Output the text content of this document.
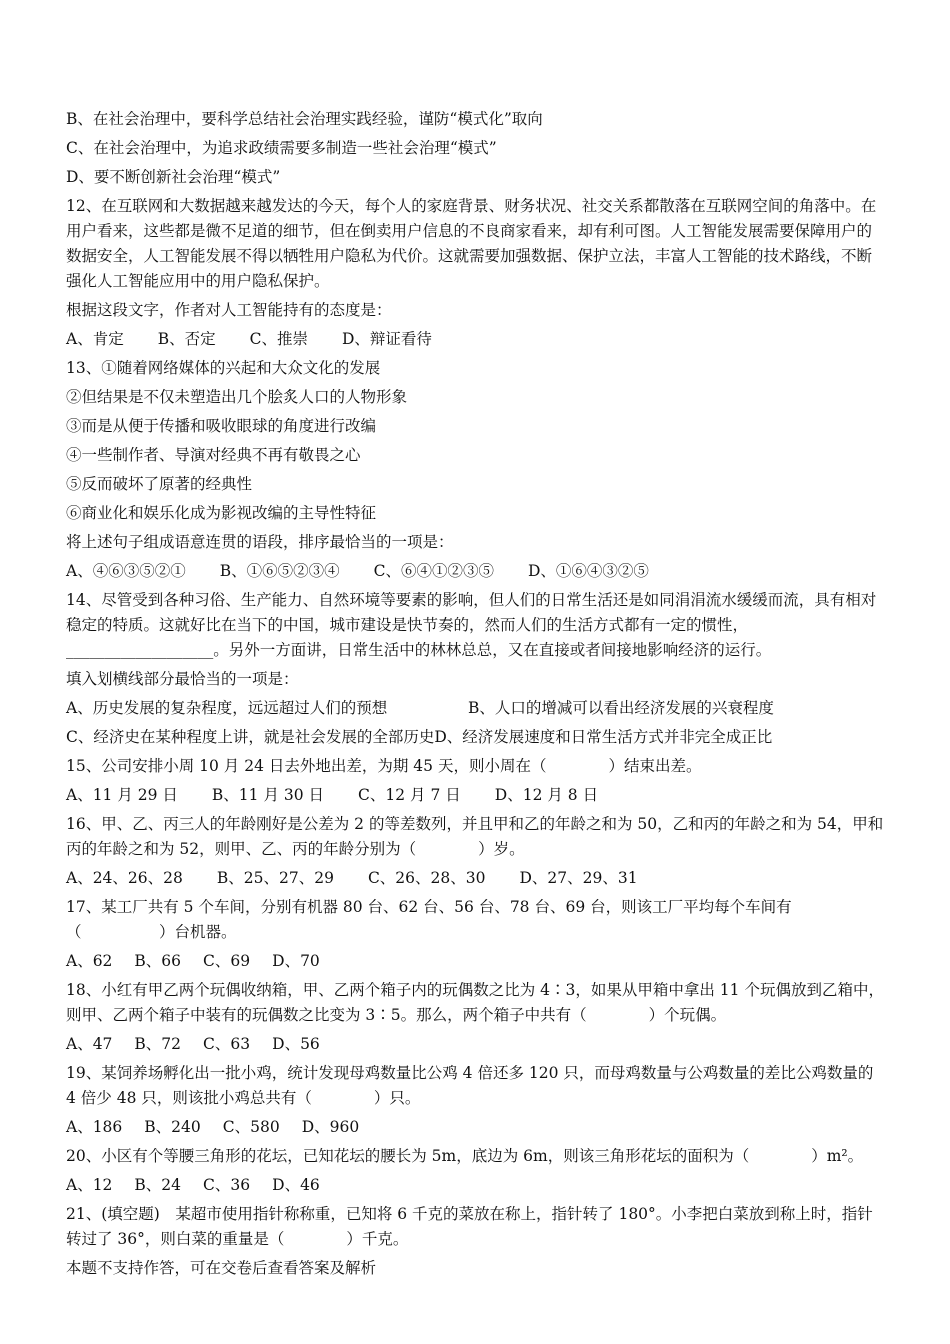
B、在社会治理中，要科学总结社会治理实践经验，谨防“模式化”取向
C、在社会治理中，为追求政绩需要多制造一些社会治理“模式”
D、要不断创新社会治理“模式”
12、在互联网和大数据越来越发达的今天，每个人的家庭背景、财务状况、社交关系都散落在互联网空间的角落中。在用户看来，这些都是微不足道的细节，但在倒卖用户信息的不良商家看来，却有利可图。人工智能发展需要保障用户的数据安全，人工智能发展不得以牺牲用户隐私为代价。这就需要加强数据、保护立法，丰富人工智能的技术路线，不断强化人工智能应用中的用户隐私保护。
根据这段文字，作者对人工智能持有的态度是：
A、肯定 B、否定 C、推崇 D、辩证看待
13、①随着网络媒体的兴起和大众文化的发展
②但结果是不仅未塑造出几个脍炙人口的人物形象
③而是从便于传播和吸收眼球的角度进行改编
④一些制作者、导演对经典不再有敬畏之心
⑤反而破坏了原著的经典性
⑥商业化和娱乐化成为影视改编的主导性特征
将上述句子组成语意连贯的语段，排序最恰当的一项是：
A、④⑥③⑤②① B、①⑥⑤②③④ C、⑥④①②③⑤ D、①⑥④③②⑤
14、尽管受到各种习俗、生产能力、自然环境等要素的影响，但人们的日常生活还是如同涓涓流水缓缓而流，具有相对稳定的特质。这就好比在当下的中国，城市建设是快节奏的，然而人们的生活方式都有一定的惯性，___________________。另外一方面讲，日常生活中的林林总总，又在直接或者间接地影响经济的运行。
填入划横线部分最恰当的一项是：
A、历史发展的复杂程度，远远超过人们的预想	B、人口的增减可以看出经济发展的兴衰程度
C、经济史在某种程度上讲，就是社会发展的全部历史D、经济发展速度和日常生活方式并非完全成正比
15、公司安排小周 10 月 24 日去外地出差，为期 45 天，则小周在（　　　　）结束出差。
A、11 月 29 日 B、11 月 30 日 C、12 月 7 日 D、12 月 8 日
16、甲、乙、丙三人的年龄刚好是公差为 2 的等差数列，并且甲和乙的年龄之和为 50，乙和丙的年龄之和为 54，甲和丙的年龄之和为 52，则甲、乙、丙的年龄分别为（　　　　）岁。
A、24、26、28 B、25、27、29 C、26、28、30 D、27、29、31
17、某工厂共有 5 个车间，分别有机器 80 台、62 台、56 台、78 台、69 台，则该工厂平均每个车间有（　　　　　）台机器。
A、62 B、66 C、69 D、70
18、小红有甲乙两个玩偶收纳箱，甲、乙两个箱子内的玩偶数之比为 4∶3，如果从甲箱中拿出 11 个玩偶放到乙箱中，则甲、乙两个箱子中装有的玩偶数之比变为 3∶5。那么，两个箱子中共有（　　　　）个玩偶。
A、47 B、72 C、63 D、56
19、某饲养场孵化出一批小鸡，统计发现母鸡数量比公鸡 4 倍还多 120 只，而母鸡数量与公鸡数量的差比公鸡数量的 4 倍少 48 只，则该批小鸡总共有（　　　　）只。
A、186 B、240 C、580 D、960
20、小区有个等腰三角形的花坛，已知花坛的腰长为 5m，底边为 6m，则该三角形花坛的面积为（　　　　）m²。
A、12 B、24 C、36 D、46
21、(填空题)　某超市使用指针称称重，已知将 6 千克的菜放在称上，指针转了 180°。小李把白菜放到称上时，指针转过了 36°，则白菜的重量是（　　　　）千克。
本题不支持作答，可在交卷后查看答案及解析
